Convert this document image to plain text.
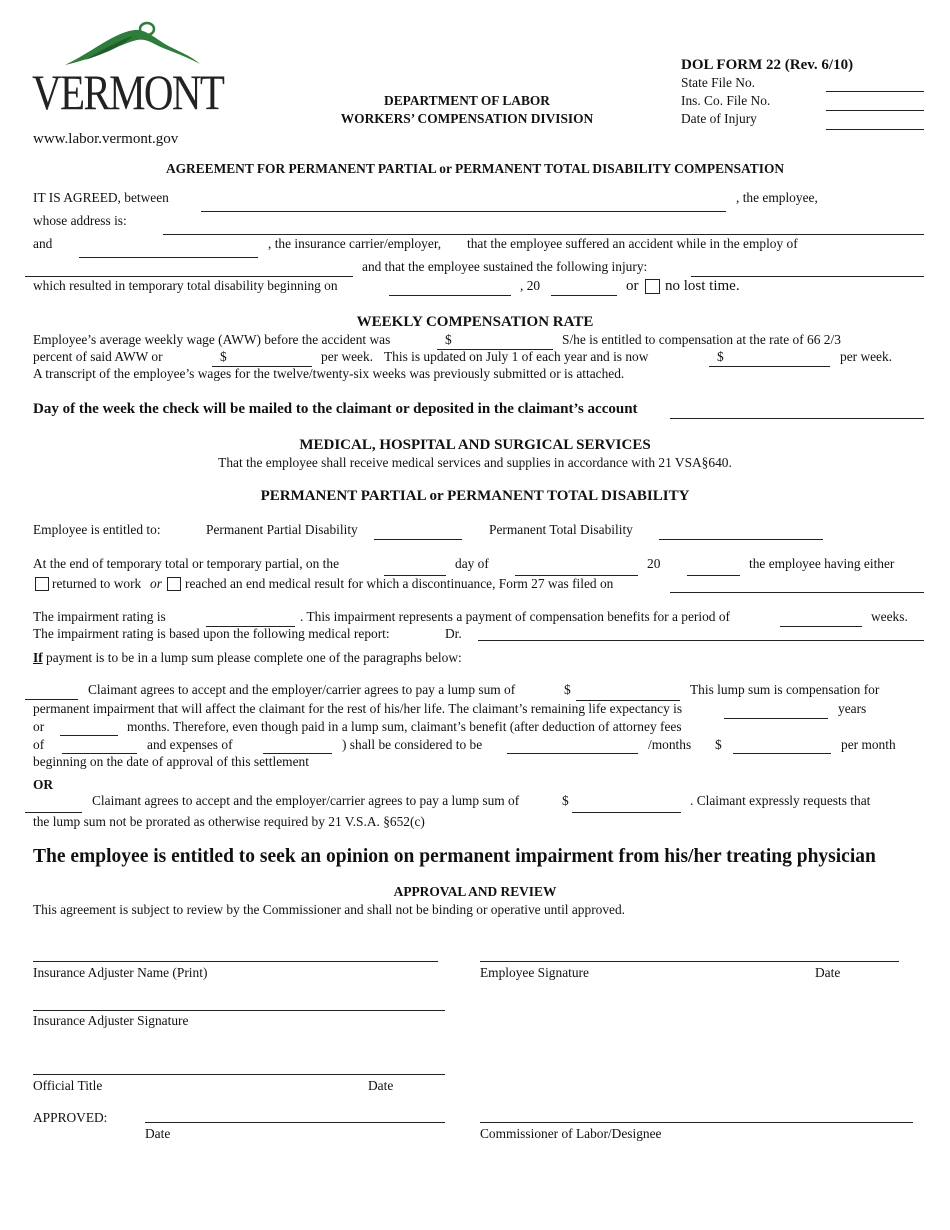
VERMONT
www.labor.vermont.gov
DEPARTMENT OF LABOR
WORKERS’ COMPENSATION DIVISION
DOL FORM 22 (Rev. 6/10)
State File No.
Ins. Co. File No.
Date of Injury
AGREEMENT FOR PERMANENT PARTIAL or PERMANENT TOTAL DISABILITY COMPENSATION
IT IS AGREED, between	, the employee,
whose address is:
and	, the insurance carrier/employer, that the employee suffered an accident while in the employ of
and that the employee sustained the following injury:
which resulted in temporary total disability beginning on	, 20	or no lost time.
WEEKLY COMPENSATION RATE
Employee’s average weekly wage (AWW) before the accident was	$	S/he is entitled to compensation at the rate of 66 2/3
percent of said AWW or	$	per week. This is updated on July 1 of each year and is now	$	per week.
A transcript of the employee’s wages for the twelve/twenty-six weeks was previously submitted or is attached.
Day of the week the check will be mailed to the claimant or deposited in the claimant’s account
MEDICAL, HOSPITAL AND SURGICAL SERVICES
That the employee shall receive medical services and supplies in accordance with 21 VSA§640.
PERMANENT PARTIAL or PERMANENT TOTAL DISABILITY
Employee is entitled to:	Permanent Partial Disability	Permanent Total Disability
At the end of temporary total or temporary partial, on the	day of	20	the employee having either
returned to work or reached an end medical result for which a discontinuance, Form 27 was filed on
The impairment rating is	. This impairment represents a payment of compensation benefits for a period of	weeks.
The impairment rating is based upon the following medical report:	Dr.
If payment is to be in a lump sum please complete one of the paragraphs below:
Claimant agrees to accept and the employer/carrier agrees to pay a lump sum of	$	This lump sum is compensation for
permanent impairment that will affect the claimant for the rest of his/her life. The claimant’s remaining life expectancy is	years
or	months. Therefore, even though paid in a lump sum, claimant’s benefit (after deduction of attorney fees
of	and expenses of	) shall be considered to be	/months $	per month
beginning on the date of approval of this settlement
OR
Claimant agrees to accept and the employer/carrier agrees to pay a lump sum of	$	. Claimant expressly requests that
the lump sum not be prorated as otherwise required by 21 V.S.A. §652(c)
The employee is entitled to seek an opinion on permanent impairment from his/her treating physician
APPROVAL AND REVIEW
This agreement is subject to review by the Commissioner and shall not be binding or operative until approved.
Insurance Adjuster Name (Print)	Employee Signature	Date
Insurance Adjuster Signature
Official Title	Date
APPROVED:
Date	Commissioner of Labor/Designee
